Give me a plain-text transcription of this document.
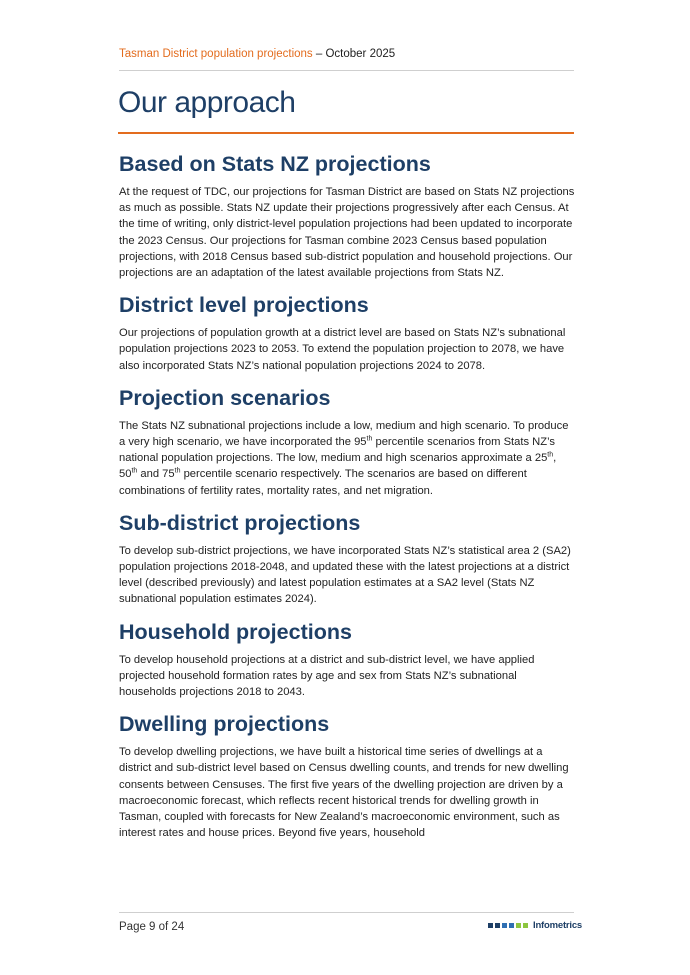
Tasman District population projections – October 2025
Our approach
Based on Stats NZ projections

At the request of TDC, our projections for Tasman District are based on Stats NZ projections as much as possible. Stats NZ update their projections progressively after each Census. At the time of writing, only district-level population projections had been updated to incorporate the 2023 Census. Our projections for Tasman combine 2023 Census based population projections, with 2018 Census based sub-district population and household projections. Our projections are an adaptation of the latest available projections from Stats NZ.

District level projections

Our projections of population growth at a district level are based on Stats NZ’s subnational population projections 2023 to 2053. To extend the population projection to 2078, we have also incorporated Stats NZ’s national population projections 2024 to 2078.

Projection scenarios

The Stats NZ subnational projections include a low, medium and high scenario. To produce a very high scenario, we have incorporated the 95th percentile scenarios from Stats NZ’s national population projections. The low, medium and high scenarios approximate a 25th, 50th and 75th percentile scenario respectively. The scenarios are based on different combinations of fertility rates, mortality rates, and net migration.

Sub-district projections

To develop sub-district projections, we have incorporated Stats NZ’s statistical area 2 (SA2) population projections 2018-2048, and updated these with the latest projections at a district level (described previously) and latest population estimates at a SA2 level (Stats NZ subnational population estimates 2024).

Household projections

To develop household projections at a district and sub-district level, we have applied projected household formation rates by age and sex from Stats NZ’s subnational households projections 2018 to 2043.

Dwelling projections

To develop dwelling projections, we have built a historical time series of dwellings at a district and sub-district level based on Census dwelling counts, and trends for new dwelling consents between Censuses. The first five years of the dwelling projection are driven by a macroeconomic forecast, which reflects recent historical trends for dwelling growth in Tasman, coupled with forecasts for New Zealand’s macroeconomic environment, such as interest rates and house prices. Beyond five years, household

Page 9 of 24	Infometrics
